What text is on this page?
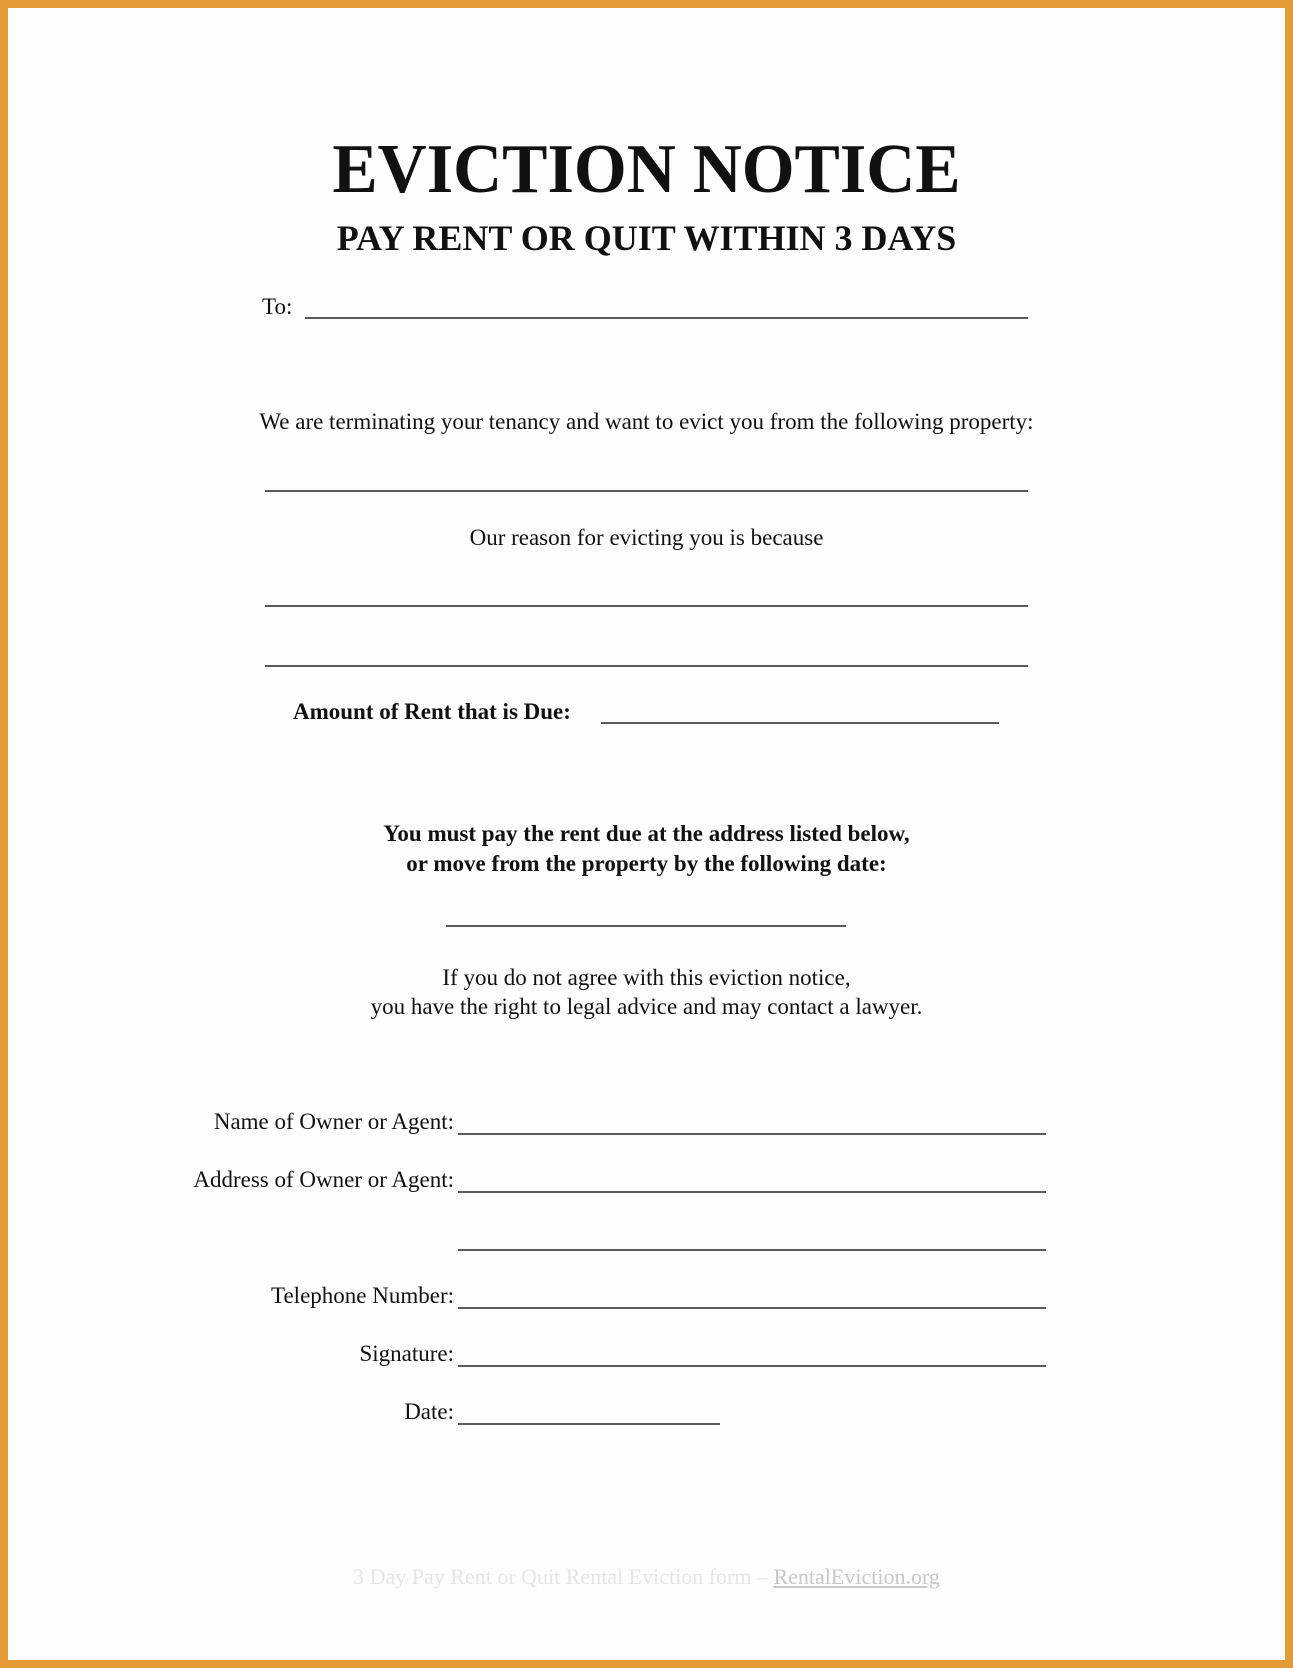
EVICTION NOTICE
PAY RENT OR QUIT WITHIN 3 DAYS
To:
We are terminating your tenancy and want to evict you from the following property:
Our reason for evicting you is because
Amount of Rent that is Due:
You must pay the rent due at the address listed below,
or move from the property by the following date:
If you do not agree with this eviction notice,
you have the right to legal advice and may contact a lawyer.
Name of Owner or Agent:
Address of Owner or Agent:
Telephone Number:
Signature:
Date:
3 Day Pay Rent or Quit Rental Eviction form – RentalEviction.org
